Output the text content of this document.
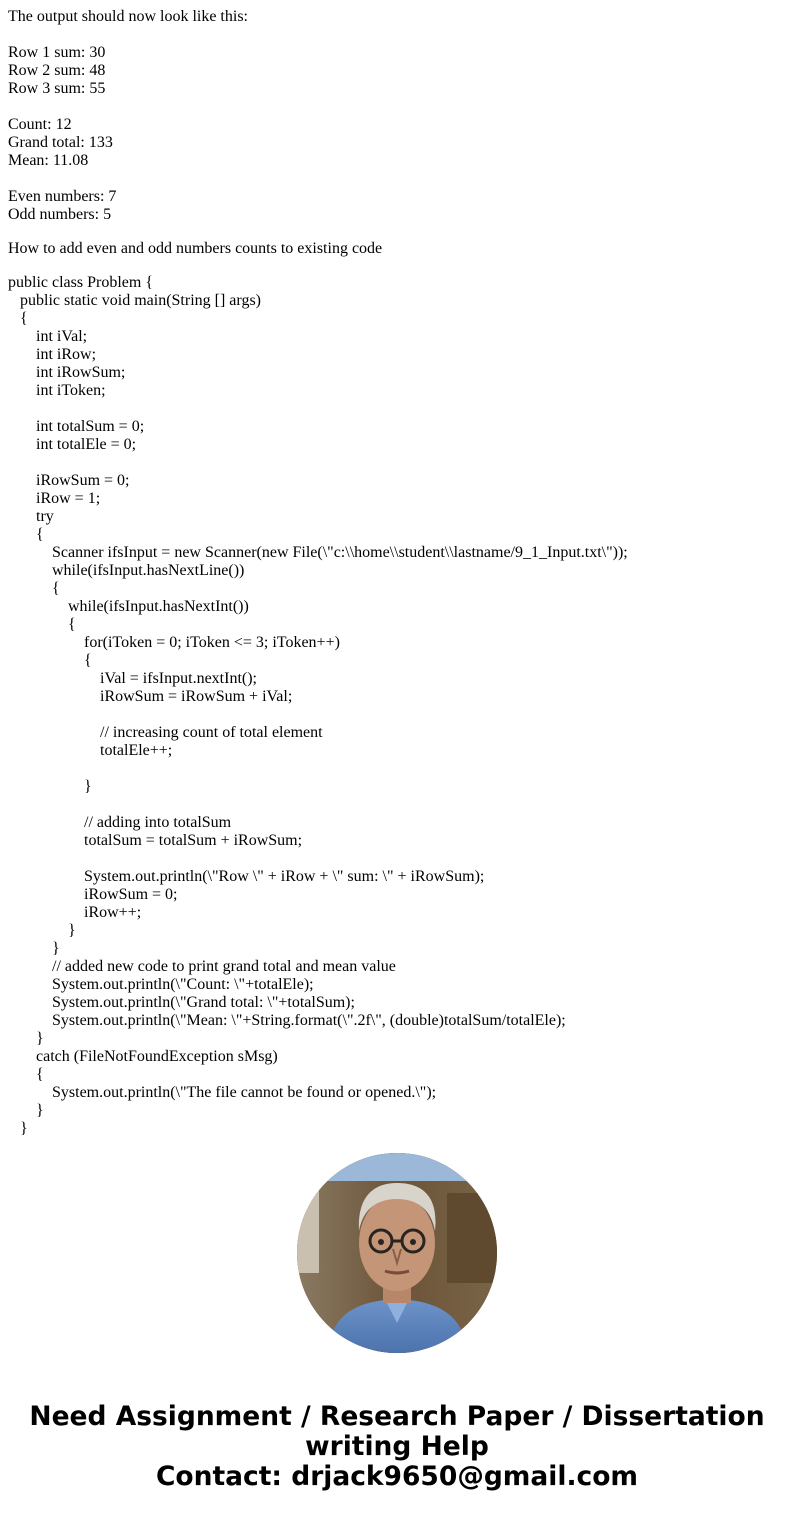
The output should now look like this:
Row 1 sum: 30
Row 2 sum: 48
Row 3 sum: 55
Count: 12
Grand total: 133
Mean: 11.08
Even numbers: 7
Odd numbers: 5
How to add even and odd numbers counts to existing code
public class Problem {
public static void main(String [] args)
{
int iVal;
int iRow;
int iRowSum;
int iToken;
int totalSum = 0;
int totalEle = 0;
iRowSum = 0;
iRow = 1;
try
{
Scanner ifsInput = new Scanner(new File(\"c:\\home\\student\\lastname/9_1_Input.txt\"));
while(ifsInput.hasNextLine())
{
while(ifsInput.hasNextInt())
{
for(iToken = 0; iToken <= 3; iToken++)
{
iVal = ifsInput.nextInt();
iRowSum = iRowSum + iVal;
// increasing count of total element
totalEle++;
}
// adding into totalSum
totalSum = totalSum + iRowSum;
System.out.println(\"Row \" + iRow + \" sum: \" + iRowSum);
iRowSum = 0;
iRow++;
}
}
// added new code to print grand total and mean value
System.out.println(\"Count: \"+totalEle);
System.out.println(\"Grand total: \"+totalSum);
System.out.println(\"Mean: \"+String.format(\".2f\", (double)totalSum/totalEle);
}
catch (FileNotFoundException sMsg)
{
System.out.println(\"The file cannot be found or opened.\");
}
}
Need Assignment / Research Paper / Dissertation
writing Help
Contact: drjack9650@gmail.com
